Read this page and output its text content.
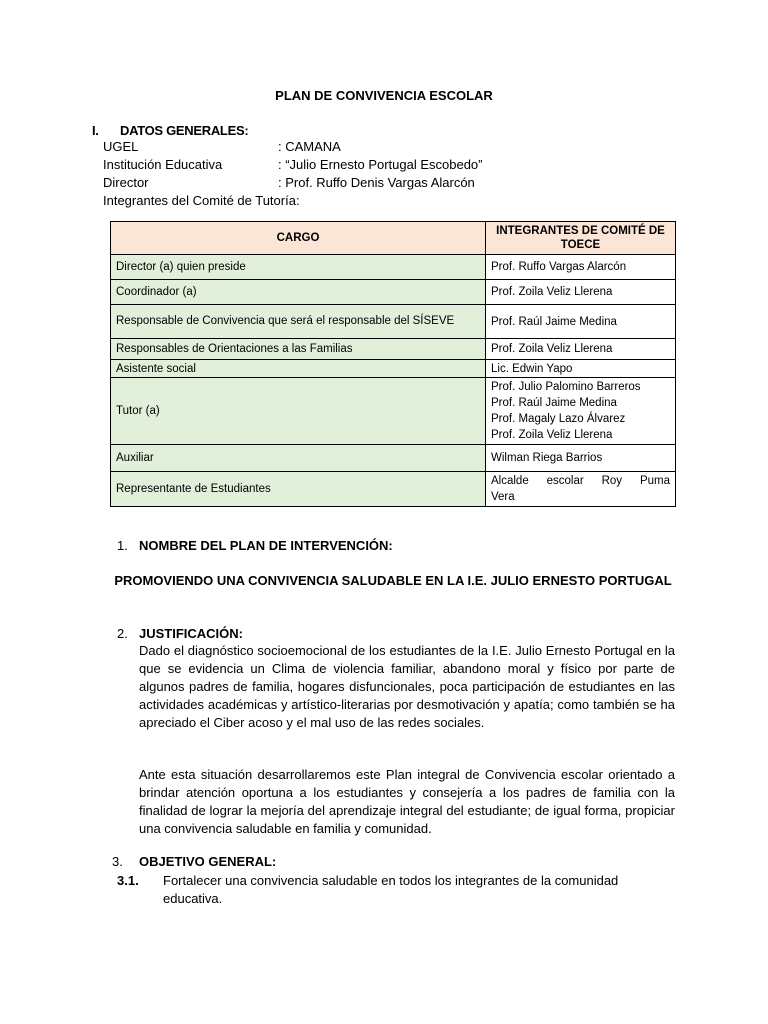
PLAN DE CONVIVENCIA ESCOLAR
I. DATOS GENERALES:
UGEL	: CAMANA
Institución Educativa	: “Julio Ernesto Portugal Escobedo”
Director	: Prof. Ruffo Denis Vargas Alarcón
Integrantes del Comité de Tutoría:
CARGO	INTEGRANTES DE COMITÉ DE TOECE
Director (a) quien preside	Prof. Ruffo Vargas Alarcón
Coordinador (a)	Prof. Zoila Veliz Llerena
Responsable de Convivencia que será el responsable del SÍSEVE	Prof. Raúl Jaime Medina
Responsables de Orientaciones a las Familias	Prof. Zoila Veliz Llerena
Asistente social	Lic. Edwin Yapo
Tutor (a)	Prof. Julio Palomino Barreros
Prof. Raúl Jaime Medina
Prof. Magaly Lazo Álvarez
Prof. Zoila Veliz Llerena

Auxiliar	Wilman Riega Barrios
Representante de Estudiantes	Alcalde escolar Roy Puma
Vera
1. NOMBRE DEL PLAN DE INTERVENCIÓN:
PROMOVIENDO UNA CONVIVENCIA SALUDABLE EN LA I.E. JULIO ERNESTO PORTUGAL
2. JUSTIFICACIÓN:
Dado el diagnóstico socioemocional de los estudiantes de la I.E. Julio Ernesto Portugal en la que se evidencia un Clima de violencia familiar, abandono moral y físico por parte de algunos padres de familia, hogares disfuncionales, poca participación de estudiantes en las actividades académicas y artístico-literarias por desmotivación y apatía; como también se ha apreciado el Ciber acoso y el mal uso de las redes sociales.
Ante esta situación desarrollaremos este Plan integral de Convivencia escolar orientado a brindar atención oportuna a los estudiantes y consejería a los padres de familia con la finalidad de lograr la mejoría del aprendizaje integral del estudiante; de igual forma, propiciar una convivencia saludable en familia y comunidad.
3. OBJETIVO GENERAL:
3.1. Fortalecer una convivencia saludable en todos los integrantes de la comunidad educativa.
